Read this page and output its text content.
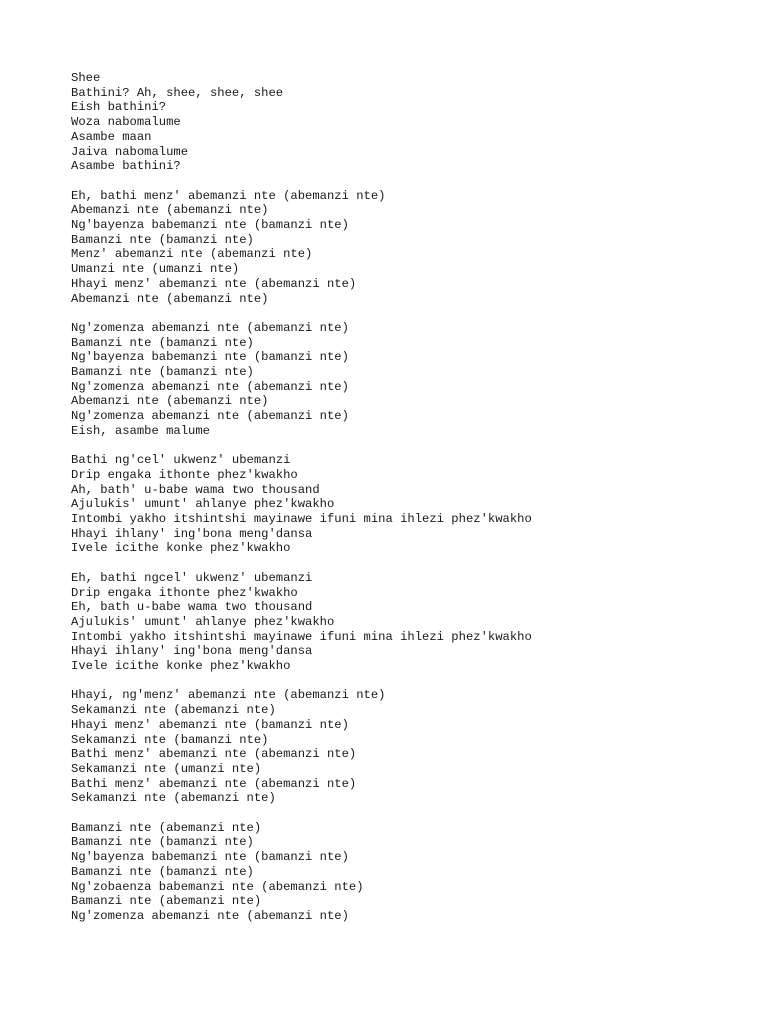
Shee
Bathini? Ah, shee, shee, shee
Eish bathini?
Woza nabomalume
Asambe maan
Jaiva nabomalume
Asambe bathini?
Eh, bathi menz' abemanzi nte (abemanzi nte)
Abemanzi nte (abemanzi nte)
Ng'bayenza babemanzi nte (bamanzi nte)
Bamanzi nte (bamanzi nte)
Menz' abemanzi nte (abemanzi nte)
Umanzi nte (umanzi nte)
Hhayi menz' abemanzi nte (abemanzi nte)
Abemanzi nte (abemanzi nte)
Ng'zomenza abemanzi nte (abemanzi nte)
Bamanzi nte (bamanzi nte)
Ng'bayenza babemanzi nte (bamanzi nte)
Bamanzi nte (bamanzi nte)
Ng'zomenza abemanzi nte (abemanzi nte)
Abemanzi nte (abemanzi nte)
Ng'zomenza abemanzi nte (abemanzi nte)
Eish, asambe malume
Bathi ng'cel' ukwenz' ubemanzi
Drip engaka ithonte phez'kwakho
Ah, bath' u-babe wama two thousand
Ajulukis' umunt' ahlanye phez'kwakho
Intombi yakho itshintshi mayinawe ifuni mina ihlezi phez'kwakho
Hhayi ihlany' ing'bona meng'dansa
Ivele icithe konke phez'kwakho
Eh, bathi ngcel' ukwenz' ubemanzi
Drip engaka ithonte phez'kwakho
Eh, bath u-babe wama two thousand
Ajulukis' umunt' ahlanye phez'kwakho
Intombi yakho itshintshi mayinawe ifuni mina ihlezi phez'kwakho
Hhayi ihlany' ing'bona meng'dansa
Ivele icithe konke phez'kwakho
Hhayi, ng'menz' abemanzi nte (abemanzi nte)
Sekamanzi nte (abemanzi nte)
Hhayi menz' abemanzi nte (bamanzi nte)
Sekamanzi nte (bamanzi nte)
Bathi menz' abemanzi nte (abemanzi nte)
Sekamanzi nte (umanzi nte)
Bathi menz' abemanzi nte (abemanzi nte)
Sekamanzi nte (abemanzi nte)
Bamanzi nte (abemanzi nte)
Bamanzi nte (bamanzi nte)
Ng'bayenza babemanzi nte (bamanzi nte)
Bamanzi nte (bamanzi nte)
Ng'zobaenza babemanzi nte (abemanzi nte)
Bamanzi nte (abemanzi nte)
Ng'zomenza abemanzi nte (abemanzi nte)
